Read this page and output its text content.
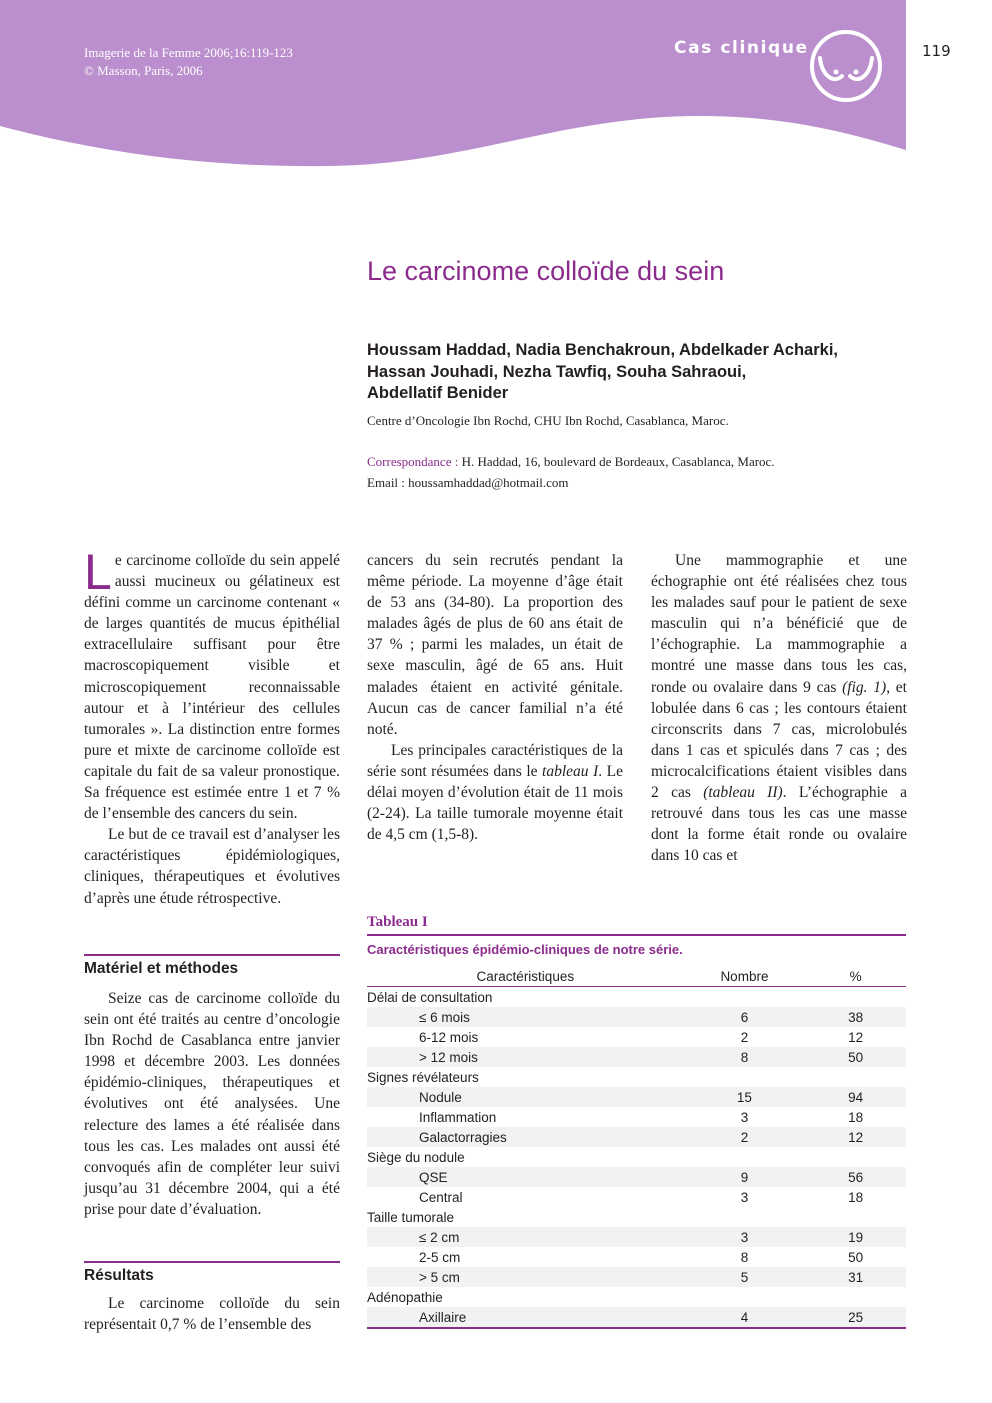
Imagerie de la Femme 2006;16:119-123
© Masson, Paris, 2006
Cas clinique	119
Le carcinome colloïde du sein
Houssam Haddad, Nadia Benchakroun, Abdelkader Acharki,
Hassan Jouhadi, Nezha Tawfiq, Souha Sahraoui,
Abdellatif Benider
Centre d’Oncologie Ibn Rochd, CHU Ibn Rochd, Casablanca, Maroc.
Correspondance : H. Haddad, 16, boulevard de Bordeaux, Casablanca, Maroc.
Email : houssamhaddad@hotmail.com

Le carcinome colloïde du sein appelé aussi mucineux ou gélatineux est défini comme un carcinome contenant « de larges quantités de mucus épithélial extracellulaire suffisant pour être macroscopiquement visible et microscopiquement reconnaissable autour et à l’intérieur des cellules tumorales ». La distinction entre formes pure et mixte de carcinome colloïde est capitale du fait de sa valeur pronostique. Sa fréquence est estimée entre 1 et 7 % de l’ensemble des cancers du sein.

Le but de ce travail est d’analyser les caractéristiques épidémiologiques, cliniques, thérapeutiques et évolutives d’après une étude rétrospective.

Matériel et méthodes

Seize cas de carcinome colloïde du sein ont été traités au centre d’oncologie Ibn Rochd de Casablanca entre janvier 1998 et décembre 2003. Les données épidémio-cliniques, thérapeutiques et évolutives ont été analysées. Une relecture des lames a été réalisée dans tous les cas. Les malades ont aussi été convoqués afin de compléter leur suivi jusqu’au 31 décembre 2004, qui a été prise pour date d’évaluation.

Résultats

Le carcinome colloïde du sein représentait 0,7 % de l’ensemble des

cancers du sein recrutés pendant la même période. La moyenne d’âge était de 53 ans (34-80). La proportion des malades âgés de plus de 60 ans était de 37 % ; parmi les malades, un était de sexe masculin, âgé de 65 ans. Huit malades étaient en activité génitale. Aucun cas de cancer familial n’a été noté.

Les principales caractéristiques de la série sont résumées dans le tableau I. Le délai moyen d’évolution était de 11 mois (2-24). La taille tumorale moyenne était de 4,5 cm (1,5-8).

Une mammographie et une échographie ont été réalisées chez tous les malades sauf pour le patient de sexe masculin qui n’a bénéficié que de l’échographie. La mammographie a montré une masse dans tous les cas, ronde ou ovalaire dans 9 cas (fig. 1), et lobulée dans 6 cas ; les contours étaient circonscrits dans 7 cas, microlobulés dans 1 cas et spiculés dans 7 cas ; des microcalcifications étaient visibles dans 2 cas (tableau II). L’échographie a retrouvé dans tous les cas une masse dont la forme était ronde ou ovalaire dans 10 cas et

Tableau I
Caractéristiques épidémio-cliniques de notre série.
Caractéristiques	Nombre	%
Délai de consultation		
≤ 6 mois	6	38
6-12 mois	2	12
> 12 mois	8	50
Signes révélateurs		
Nodule	15	94
Inflammation	3	18
Galactorragies	2	12
Siège du nodule		
QSE	9	56
Central	3	18
Taille tumorale		
≤ 2 cm	3	19
2-5 cm	8	50
> 5 cm	5	31
Adénopathie		
Axillaire	4	25
